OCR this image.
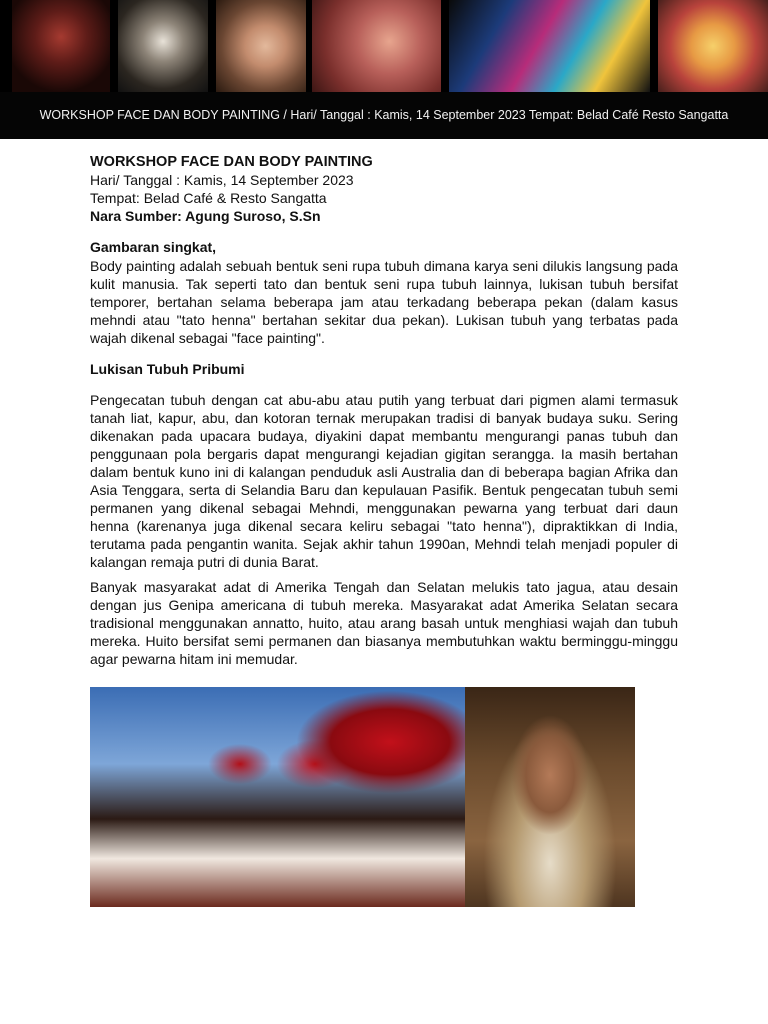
WORKSHOP FACE DAN BODY PAINTING / Hari/ Tanggal : Kamis, 14 September 2023 Tempat: Belad Café Resto Sangatta

WORKSHOP FACE DAN BODY PAINTING

Hari/ Tanggal : Kamis, 14 September 2023

Tempat: Belad Café & Resto Sangatta

Nara Sumber: Agung Suroso, S.Sn

Gambaran singkat,

Body painting adalah sebuah bentuk seni rupa tubuh dimana karya seni dilukis langsung pada kulit manusia. Tak seperti tato dan bentuk seni rupa tubuh lainnya, lukisan tubuh bersifat temporer, bertahan selama beberapa jam atau terkadang beberapa pekan (dalam kasus mehndi atau "tato henna" bertahan sekitar dua pekan). Lukisan tubuh yang terbatas pada wajah dikenal sebagai "face painting".

Lukisan Tubuh Pribumi

Pengecatan tubuh dengan cat abu-abu atau putih yang terbuat dari pigmen alami termasuk tanah liat, kapur, abu, dan kotoran ternak merupakan tradisi di banyak budaya suku. Sering dikenakan pada upacara budaya, diyakini dapat membantu mengurangi panas tubuh dan penggunaan pola bergaris dapat mengurangi kejadian gigitan serangga. Ia masih bertahan dalam bentuk kuno ini di kalangan penduduk asli Australia dan di beberapa bagian Afrika dan Asia Tenggara, serta di Selandia Baru dan kepulauan Pasifik. Bentuk pengecatan tubuh semi permanen yang dikenal sebagai Mehndi, menggunakan pewarna yang terbuat dari daun henna (karenanya juga dikenal secara keliru sebagai "tato henna"), dipraktikkan di India, terutama pada pengantin wanita. Sejak akhir tahun 1990an, Mehndi telah menjadi populer di kalangan remaja putri di dunia Barat.

Banyak masyarakat adat di Amerika Tengah dan Selatan melukis tato jagua, atau desain dengan jus Genipa americana di tubuh mereka. Masyarakat adat Amerika Selatan secara tradisional menggunakan annatto, huito, atau arang basah untuk menghiasi wajah dan tubuh mereka. Huito bersifat semi permanen dan biasanya membutuhkan waktu berminggu-minggu agar pewarna hitam ini memudar.
